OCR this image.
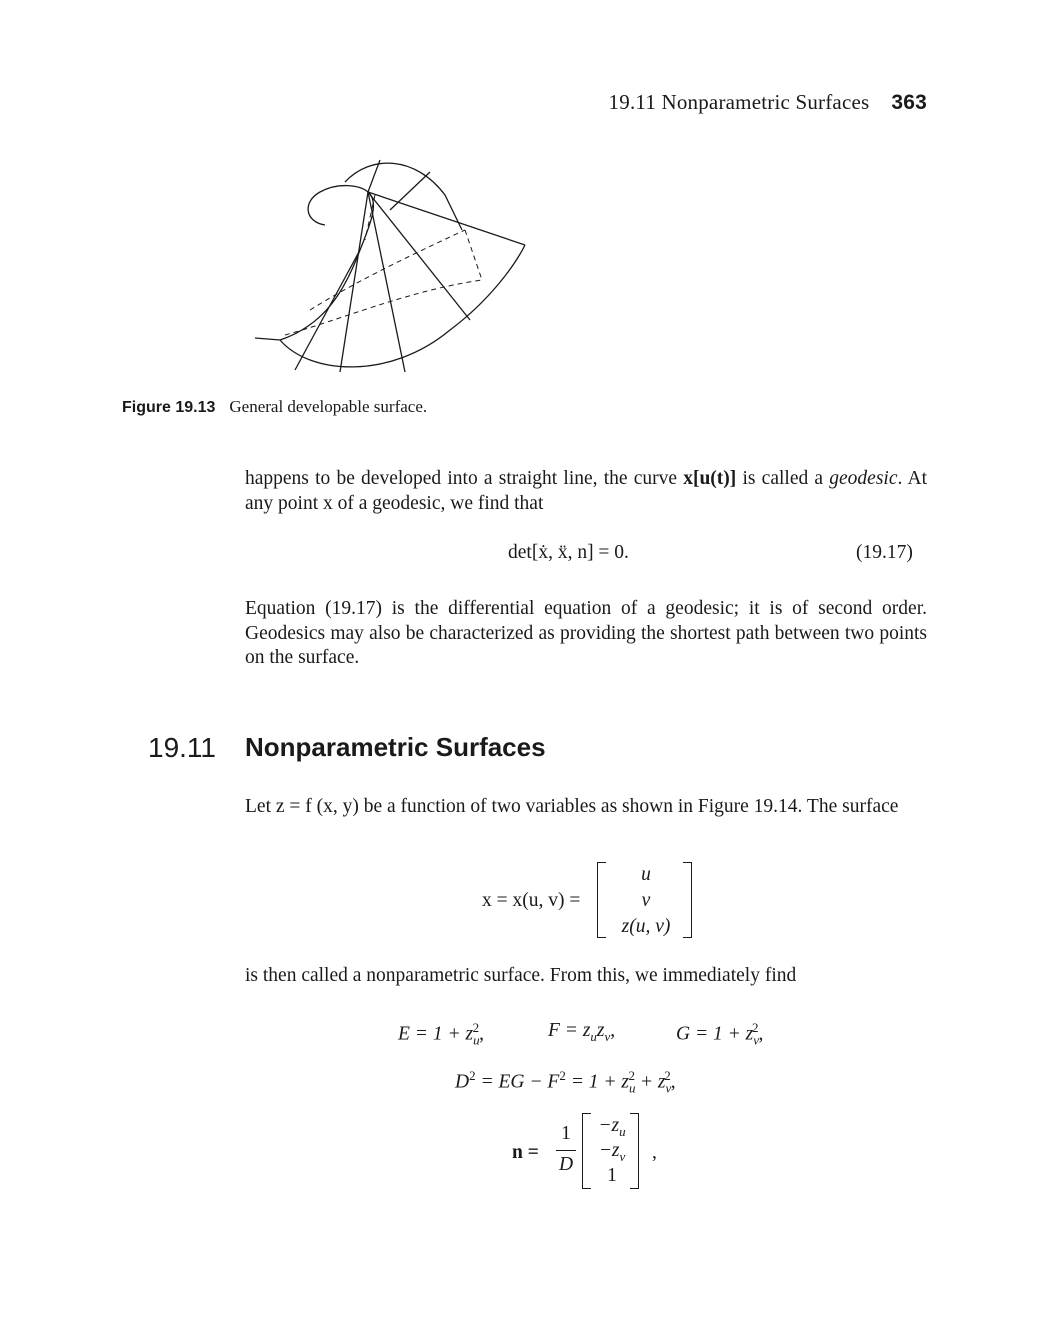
19.11 Nonparametric Surfaces 363
Figure 19.13 General developable surface.

happens to be developed into a straight line, the curve x[u(t)] is called a geodesic. At any point x of a geodesic, we find that

det[ẋ, ẍ, n] = 0.	(19.17)

Equation (19.17) is the differential equation of a geodesic; it is of second order. Geodesics may also be characterized as providing the shortest path between two points on the surface.

19.11 Nonparametric Surfaces

Let z = f (x, y) be a function of two variables as shown in Figure 19.14. The surface

x = x(u, v) =
u
v
z(u, v)

is then called a nonparametric surface. From this, we immediately find

$E = 1 + z_u^2$,	$F = z_uz_v$,	$G = 1 + z_v^2$,
$D^2$ = EG − $F^2 = 1 + z_u^2 + z_v^2$,
n =
1
D
$-z_u$
$-z_v$
1
,
